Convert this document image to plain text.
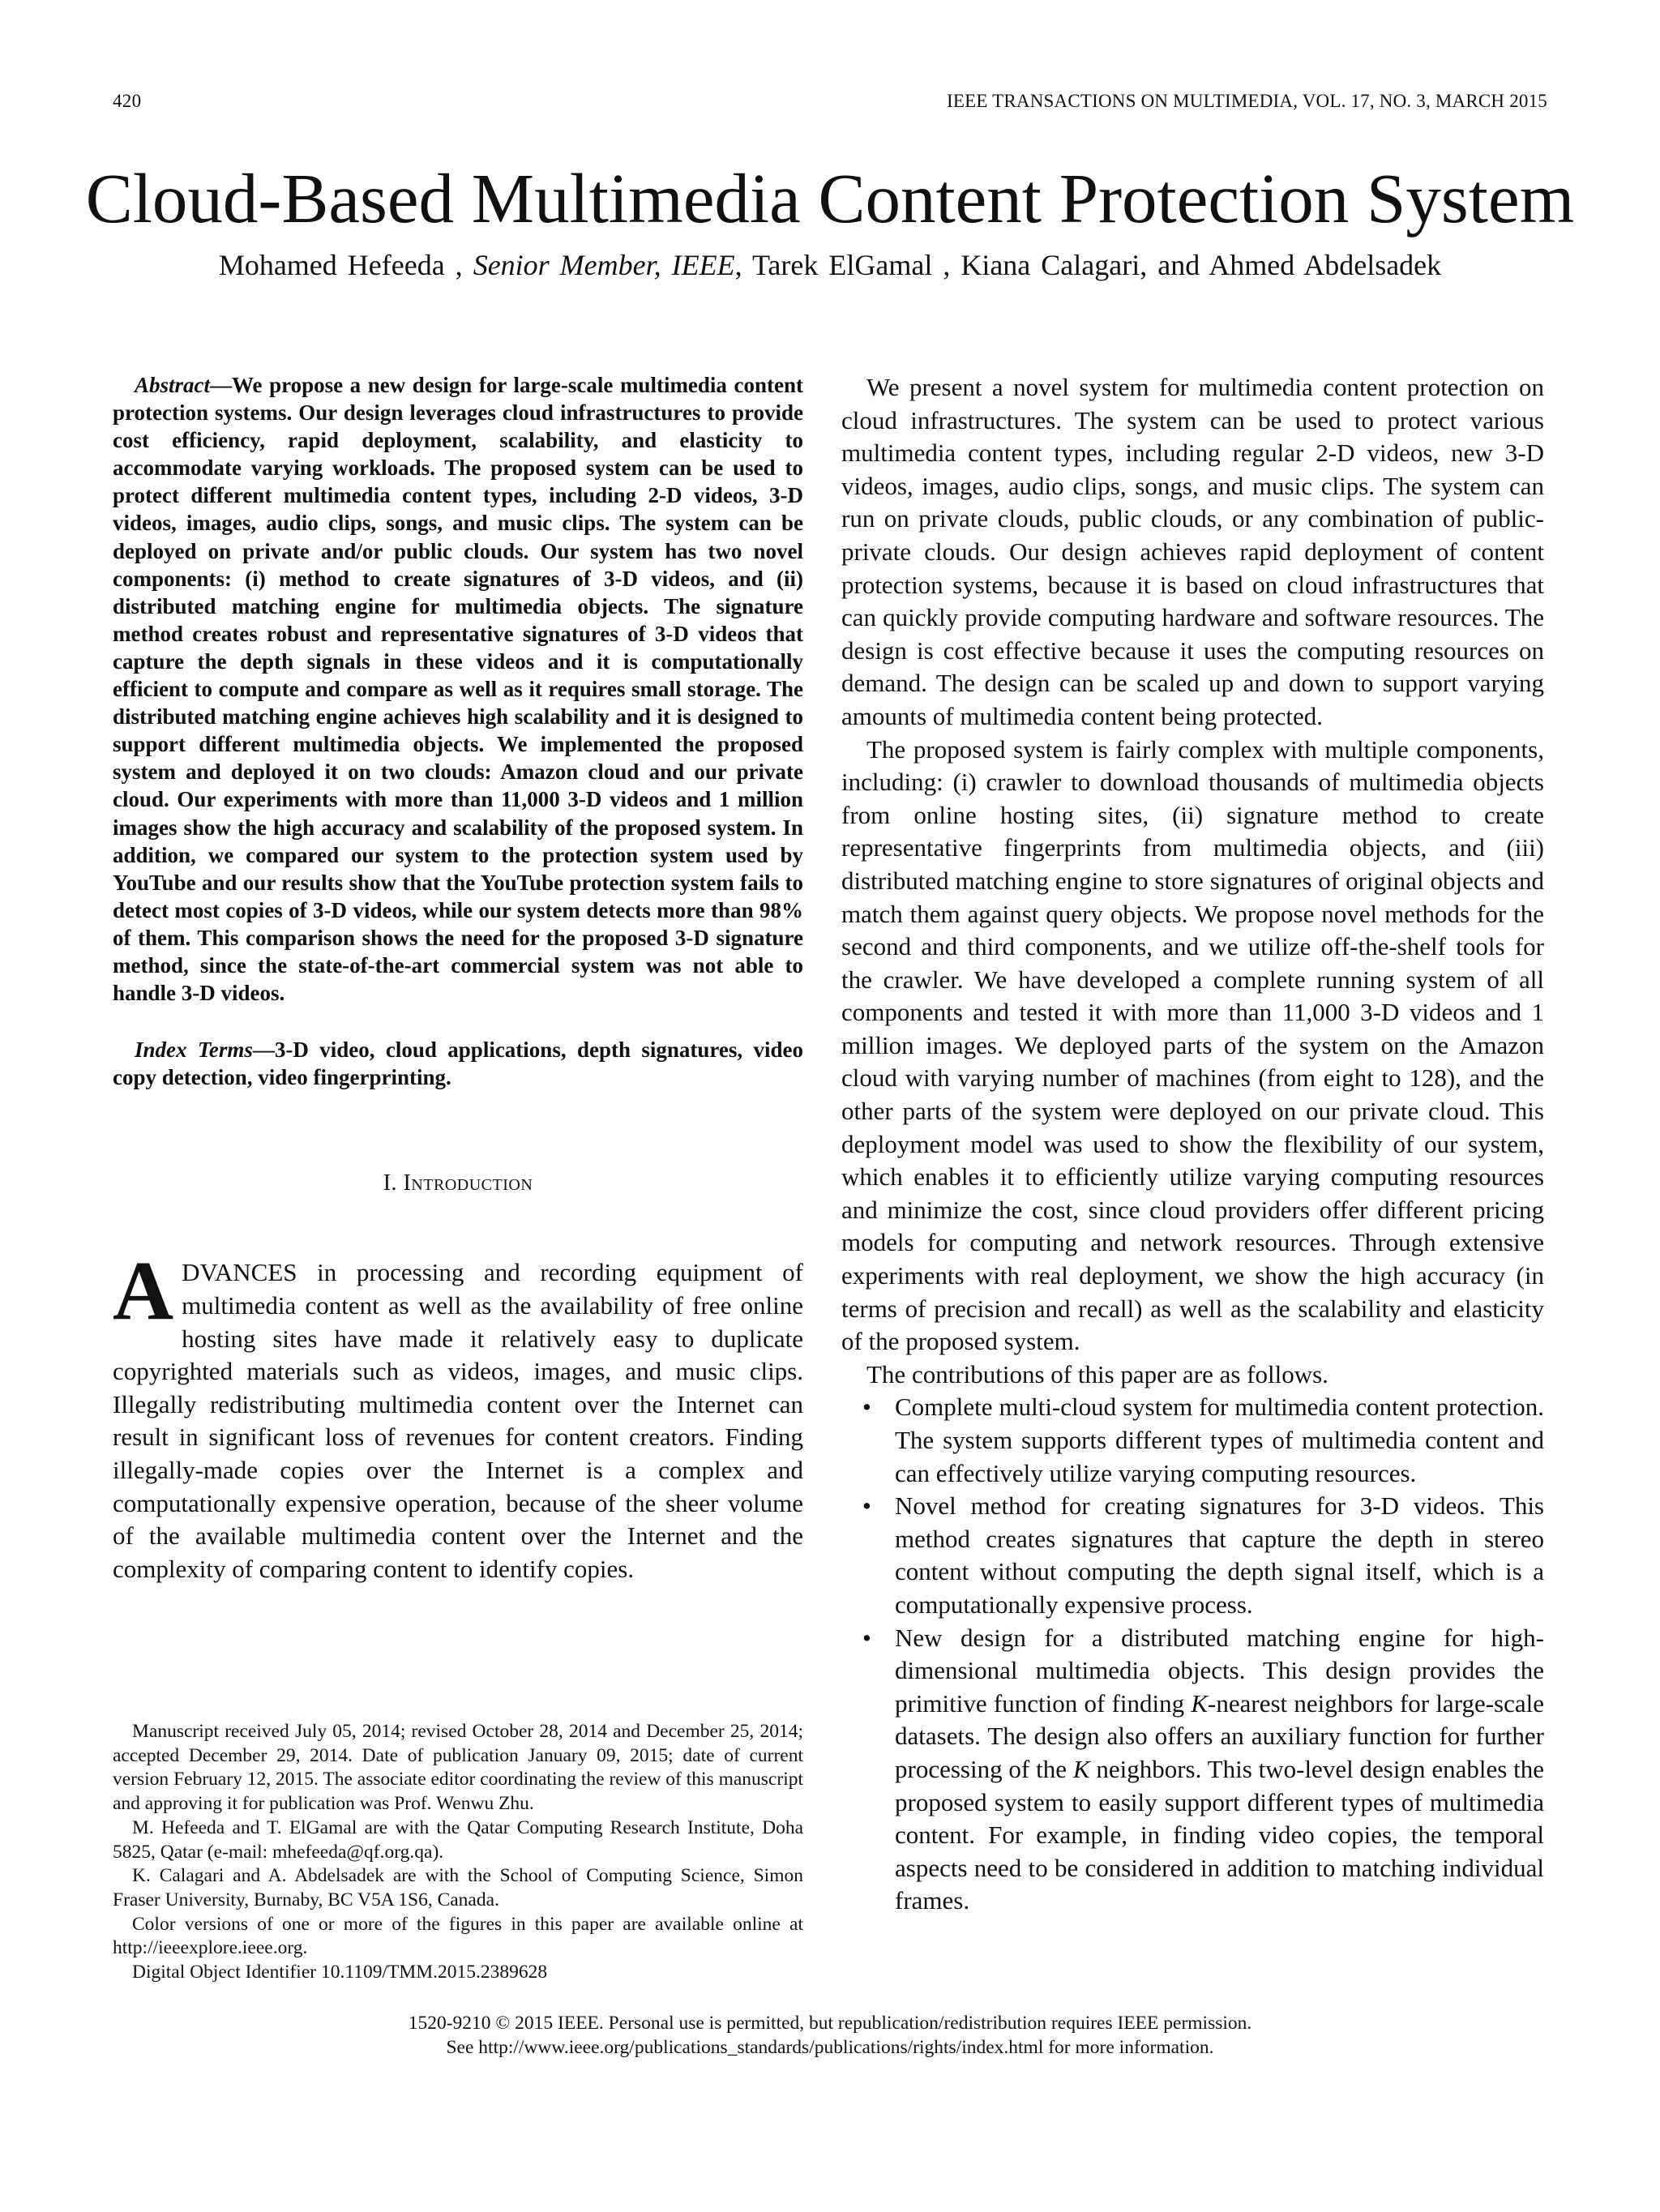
420	IEEE TRANSACTIONS ON MULTIMEDIA, VOL. 17, NO. 3, MARCH 2015
Cloud-Based Multimedia Content Protection System
Mohamed Hefeeda , Senior Member, IEEE, Tarek ElGamal , Kiana Calagari, and Ahmed Abdelsadek

Abstract—We propose a new design for large-scale multimedia content protection systems. Our design leverages cloud infrastructures to provide cost efficiency, rapid deployment, scalability, and elasticity to accommodate varying workloads. The proposed system can be used to protect different multimedia content types, including 2-D videos, 3-D videos, images, audio clips, songs, and music clips. The system can be deployed on private and/or public clouds. Our system has two novel components: (i) method to create signatures of 3-D videos, and (ii) distributed matching engine for multimedia objects. The signature method creates robust and representative signatures of 3-D videos that capture the depth signals in these videos and it is computationally efficient to compute and compare as well as it requires small storage. The distributed matching engine achieves high scalability and it is designed to support different multimedia objects. We implemented the proposed system and deployed it on two clouds: Amazon cloud and our private cloud. Our experiments with more than 11,000 3-D videos and 1 million images show the high accuracy and scalability of the proposed system. In addition, we compared our system to the protection system used by YouTube and our results show that the YouTube protection system fails to detect most copies of 3-D videos, while our system detects more than 98% of them. This comparison shows the need for the proposed 3-D signature method, since the state-of-the-art commercial system was not able to handle 3-D videos.

Index Terms—3-D video, cloud applications, depth signatures, video copy detection, video fingerprinting.

I. Introduction

ADVANCES in processing and recording equipment of multimedia content as well as the availability of free online hosting sites have made it relatively easy to duplicate copyrighted materials such as videos, images, and music clips. Illegally redistributing multimedia content over the Internet can result in significant loss of revenues for content creators. Finding illegally-made copies over the Internet is a complex and computationally expensive operation, because of the sheer volume of the available multimedia content over the Internet and the complexity of comparing content to identify copies.

Manuscript received July 05, 2014; revised October 28, 2014 and December 25, 2014; accepted December 29, 2014. Date of publication January 09, 2015; date of current version February 12, 2015. The associate editor coordinating the review of this manuscript and approving it for publication was Prof. Wenwu Zhu.

M. Hefeeda and T. ElGamal are with the Qatar Computing Research Institute, Doha 5825, Qatar (e-mail: mhefeeda@qf.org.qa).

K. Calagari and A. Abdelsadek are with the School of Computing Science, Simon Fraser University, Burnaby, BC V5A 1S6, Canada.

Color versions of one or more of the figures in this paper are available online at http://ieeexplore.ieee.org.

Digital Object Identifier 10.1109/TMM.2015.2389628

We present a novel system for multimedia content protection on cloud infrastructures. The system can be used to protect various multimedia content types, including regular 2-D videos, new 3-D videos, images, audio clips, songs, and music clips. The system can run on private clouds, public clouds, or any combination of public-private clouds. Our design achieves rapid deployment of content protection systems, because it is based on cloud infrastructures that can quickly provide computing hardware and software resources. The design is cost effective because it uses the computing resources on demand. The design can be scaled up and down to support varying amounts of multimedia content being protected.

The proposed system is fairly complex with multiple components, including: (i) crawler to download thousands of multimedia objects from online hosting sites, (ii) signature method to create representative fingerprints from multimedia objects, and (iii) distributed matching engine to store signatures of original objects and match them against query objects. We propose novel methods for the second and third components, and we utilize off-the-shelf tools for the crawler. We have developed a complete running system of all components and tested it with more than 11,000 3-D videos and 1 million images. We deployed parts of the system on the Amazon cloud with varying number of machines (from eight to 128), and the other parts of the system were deployed on our private cloud. This deployment model was used to show the flexibility of our system, which enables it to efficiently utilize varying computing resources and minimize the cost, since cloud providers offer different pricing models for computing and network resources. Through extensive experiments with real deployment, we show the high accuracy (in terms of precision and recall) as well as the scalability and elasticity of the proposed system.

The contributions of this paper are as follows.

• Complete multi-cloud system for multimedia content protection. The system supports different types of multimedia content and can effectively utilize varying computing resources.
• Novel method for creating signatures for 3-D videos. This method creates signatures that capture the depth in stereo content without computing the depth signal itself, which is a computationally expensive process.
• New design for a distributed matching engine for high-dimensional multimedia objects. This design provides the primitive function of finding K-nearest neighbors for large-scale datasets. The design also offers an auxiliary function for further processing of the K neighbors. This two-level design enables the proposed system to easily support different types of multimedia content. For example, in finding video copies, the temporal aspects need to be considered in addition to matching individual frames.
1520-9210 © 2015 IEEE. Personal use is permitted, but republication/redistribution requires IEEE permission.
See http://www.ieee.org/publications_standards/publications/rights/index.html for more information.
